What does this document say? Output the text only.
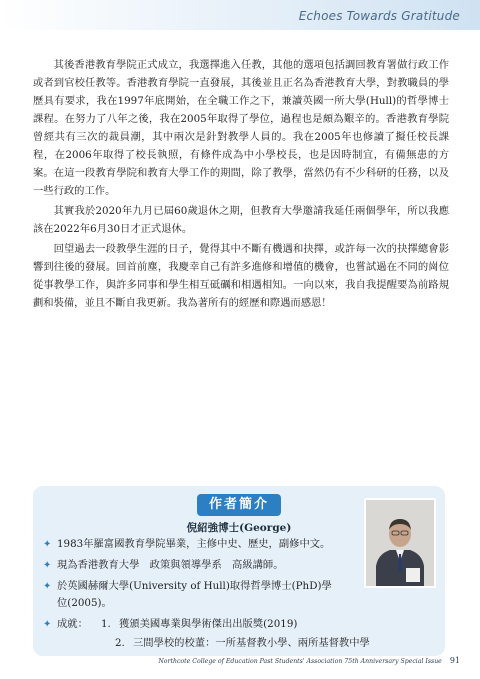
Echoes Towards Gratitude

其後香港教育學院正式成立，我選擇進入任教，其他的選項包括調回教育署做行政工作或者到官校任教等。香港教育學院一直發展，其後並且正名為香港教育大學，對教職員的學歷具有要求，我在1997年底開始，在全職工作之下，兼讀英國一所大學(Hull)的哲學博士課程。在努力了八年之後，我在2005年取得了學位，過程也是頗為艱辛的。香港教育學院曾經共有三次的裁員潮，其中兩次是針對教學人員的。我在2005年也修讀了擬任校長課程，在2006年取得了校長執照，有條件成為中小學校長，也是因時制宜，有備無患的方案。在這一段教育學院和教育大學工作的期間，除了教學，當然仍有不少科研的任務，以及一些行政的工作。

其實我於2020年九月已屆60歲退休之期，但教育大學邀請我延任兩個學年，所以我應該在2022年6月30日才正式退休。

回望過去一段教學生涯的日子，覺得其中不斷有機遇和抉擇，或許每一次的抉擇總會影響到往後的發展。回首前塵，我慶幸自己有許多進修和增值的機會，也嘗試過在不同的崗位從事教學工作，與許多同事和學生相互砥礪和相遇相知。一向以來，我自我提醒要為前路規劃和裝備，並且不斷自我更新。我為著所有的經歷和際遇而感恩！

作者簡介
倪紹強博士(George)
✦ 1983年羅富國教育學院畢業，主修中史、歷史，副修中文。
✦ 現為香港教育大學　政策與領導學系　高級講師。
✦ 於英國赫爾大學(University of Hull)取得哲學博士(PhD)學
位(2005)。
✦ 成就：	1. 獲頒美國專業與學術傑出出版獎(2019)
2. 三間學校的校董：一所基督教小學、兩所基督教中學
Northcote College of Education Past Students' Association 75th Anniversary Special Issue 91
